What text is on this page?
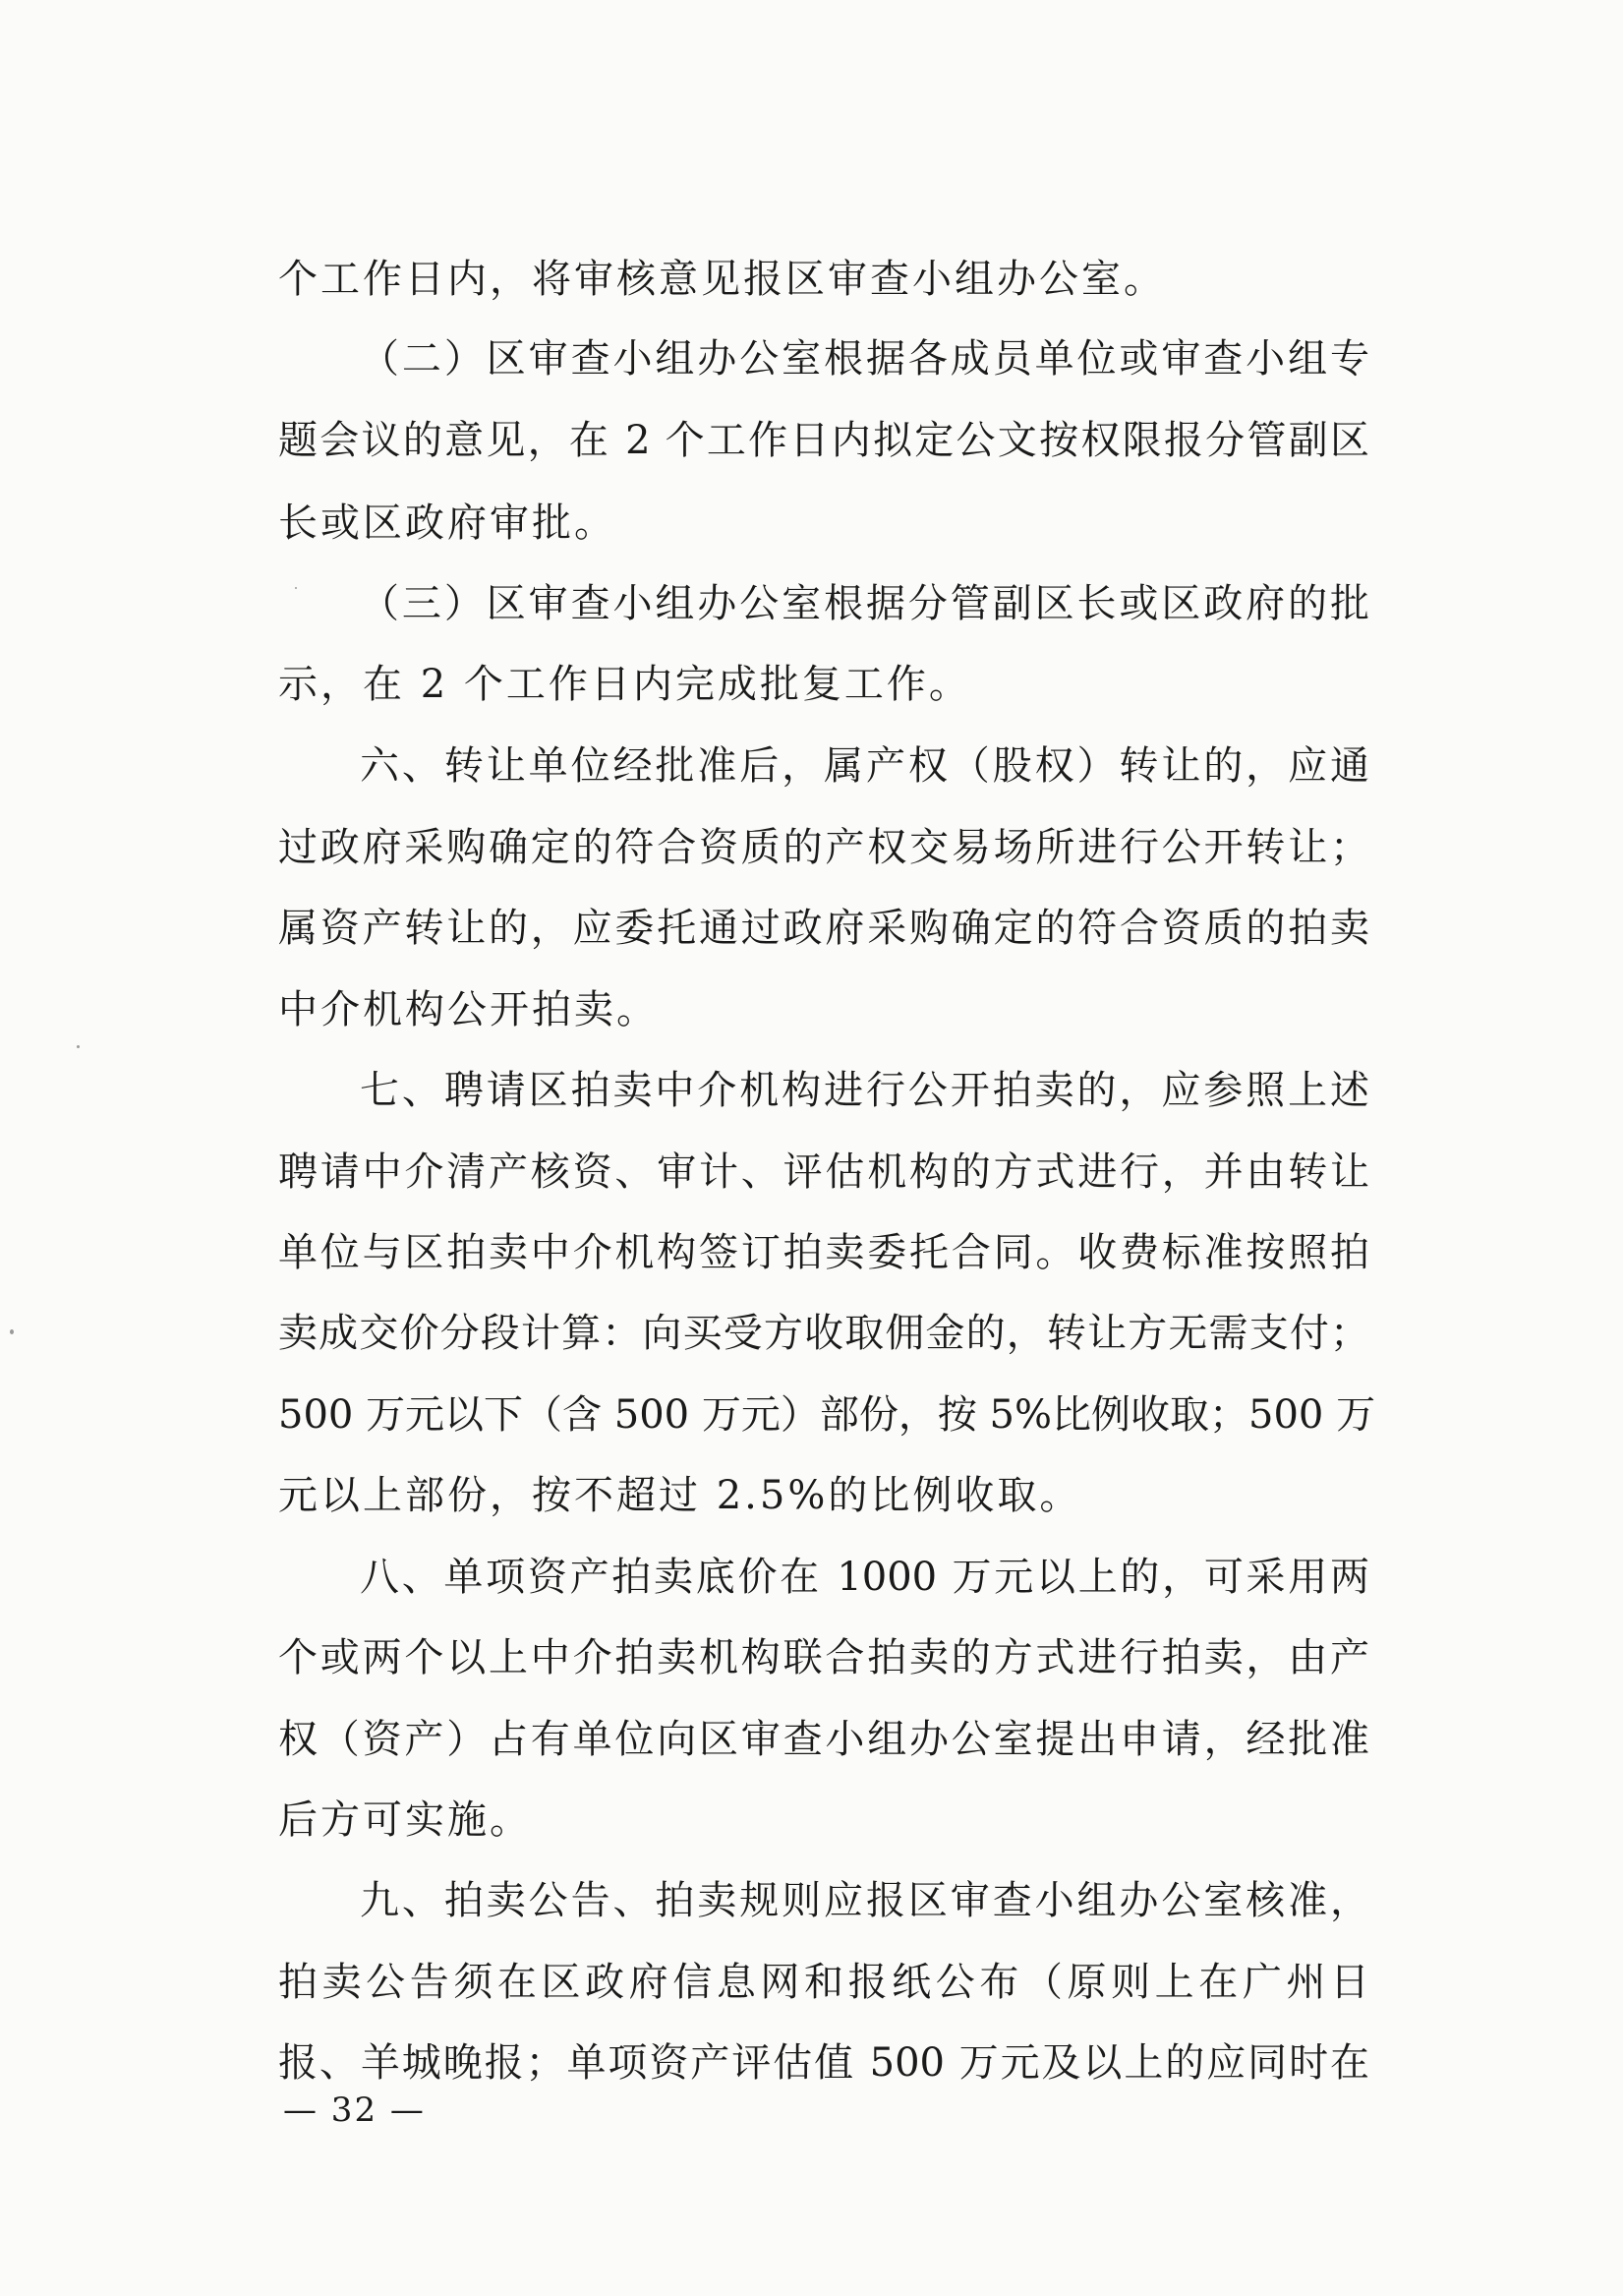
个工作日内，将审核意见报区审查小组办公室。
（二）区审查小组办公室根据各成员单位或审查小组专
题会议的意见，在 2 个工作日内拟定公文按权限报分管副区
长或区政府审批。
（三）区审查小组办公室根据分管副区长或区政府的批
示，在 2 个工作日内完成批复工作。
六、转让单位经批准后，属产权（股权）转让的，应通
过政府采购确定的符合资质的产权交易场所进行公开转让；
属资产转让的，应委托通过政府采购确定的符合资质的拍卖
中介机构公开拍卖。
七、聘请区拍卖中介机构进行公开拍卖的，应参照上述
聘请中介清产核资、审计、评估机构的方式进行，并由转让
单位与区拍卖中介机构签订拍卖委托合同。收费标准按照拍
卖成交价分段计算：向买受方收取佣金的，转让方无需支付；
500 万元以下（含 500 万元）部份，按 5%比例收取；500 万
元以上部份，按不超过 2.5%的比例收取。
八、单项资产拍卖底价在 1000 万元以上的，可采用两
个或两个以上中介拍卖机构联合拍卖的方式进行拍卖，由产
权（资产）占有单位向区审查小组办公室提出申请，经批准
后方可实施。
九、拍卖公告、拍卖规则应报区审查小组办公室核准，
拍卖公告须在区政府信息网和报纸公布（原则上在广州日
报、羊城晚报；单项资产评估值 500 万元及以上的应同时在
— 32 —
